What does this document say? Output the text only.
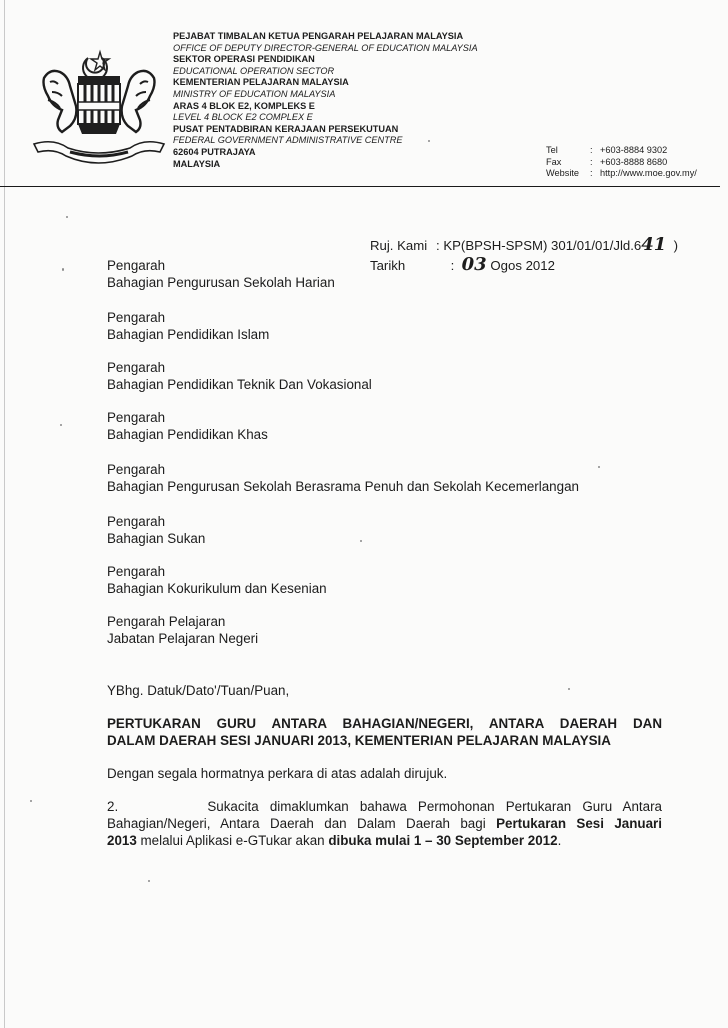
PEJABAT TIMBALAN KETUA PENGARAH PELAJARAN MALAYSIA
OFFICE OF DEPUTY DIRECTOR-GENERAL OF EDUCATION MALAYSIA
SEKTOR OPERASI PENDIDIKAN
EDUCATIONAL OPERATION SECTOR
KEMENTERIAN PELAJARAN MALAYSIA
MINISTRY OF EDUCATION MALAYSIA
ARAS 4 BLOK E2, KOMPLEKS E
LEVEL 4 BLOCK E2 COMPLEX E
PUSAT PENTADBIRAN KERAJAAN PERSEKUTUAN
FEDERAL GOVERNMENT ADMINISTRATIVE CENTRE
62604 PUTRAJAYA
MALAYSIA
Tel	: +603-8884 9302
Fax	: +603-8888 8680
Website : http://www.moe.gov.my/
Ruj. Kami : KP(BPSH-SPSM) 301/01/01/Jld.641 )
Tarikh	: 03 Ogos 2012
Pengarah
Bahagian Pengurusan Sekolah Harian
Pengarah
Bahagian Pendidikan Islam
Pengarah
Bahagian Pendidikan Teknik Dan Vokasional
Pengarah
Bahagian Pendidikan Khas
Pengarah
Bahagian Pengurusan Sekolah Berasrama Penuh dan Sekolah Kecemerlangan
Pengarah
Bahagian Sukan
Pengarah
Bahagian Kokurikulum dan Kesenian
Pengarah Pelajaran
Jabatan Pelajaran Negeri
YBhg. Datuk/Dato'/Tuan/Puan,
PERTUKARAN GURU ANTARA BAHAGIAN/NEGERI, ANTARA DAERAH DAN
DALAM DAERAH SESI JANUARI 2013, KEMENTERIAN PELAJARAN MALAYSIA
Dengan segala hormatnya perkara di atas adalah dirujuk.
2.	Sukacita dimaklumkan bahawa Permohonan Pertukaran Guru Antara
Bahagian/Negeri, Antara Daerah dan Dalam Daerah bagi Pertukaran Sesi Januari
2013 melalui Aplikasi e-GTukar akan dibuka mulai 1 – 30 September 2012.
